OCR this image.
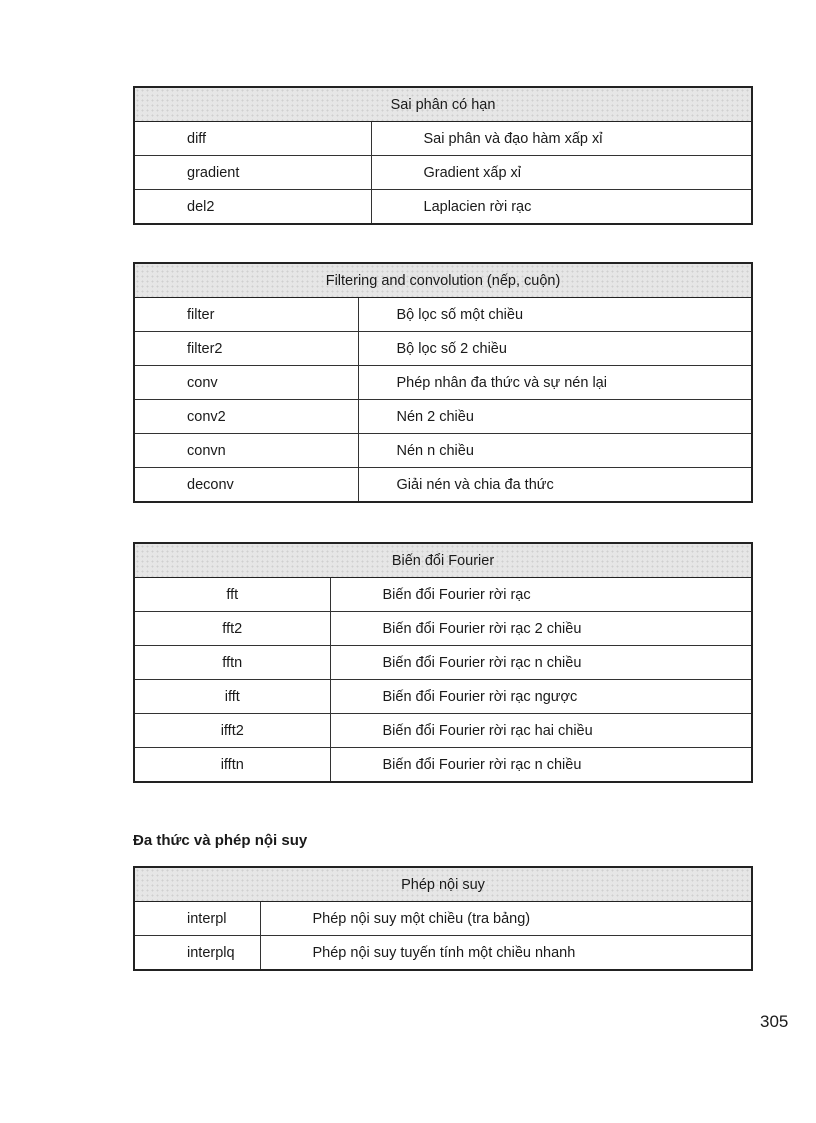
Sai phân có hạn	
diff	Sai phân và đạo hàm xấp xỉ
gradient	Gradient xấp xỉ
del2	Laplacien rời rạc
Filtering and convolution (nếp, cuộn)	
filter	Bộ lọc số một chiều
filter2	Bộ lọc số 2 chiều
conv	Phép nhân đa thức và sự nén lại
conv2	Nén 2 chiều
convn	Nén n chiều
deconv	Giải nén và chia đa thức
Biến đổi Fourier	
fft	Biến đổi Fourier rời rạc
fft2	Biến đổi Fourier rời rạc 2 chiều
fftn	Biến đổi Fourier rời rạc n chiều
ifft	Biến đổi Fourier rời rạc ngược
ifft2	Biến đổi Fourier rời rạc hai chiều
ifftn	Biến đổi Fourier rời rạc n chiều
Đa thức và phép nội suy
Phép nội suy	
interpl	Phép nội suy một chiều (tra bảng)
interplq	Phép nội suy tuyến tính một chiều nhanh
305
